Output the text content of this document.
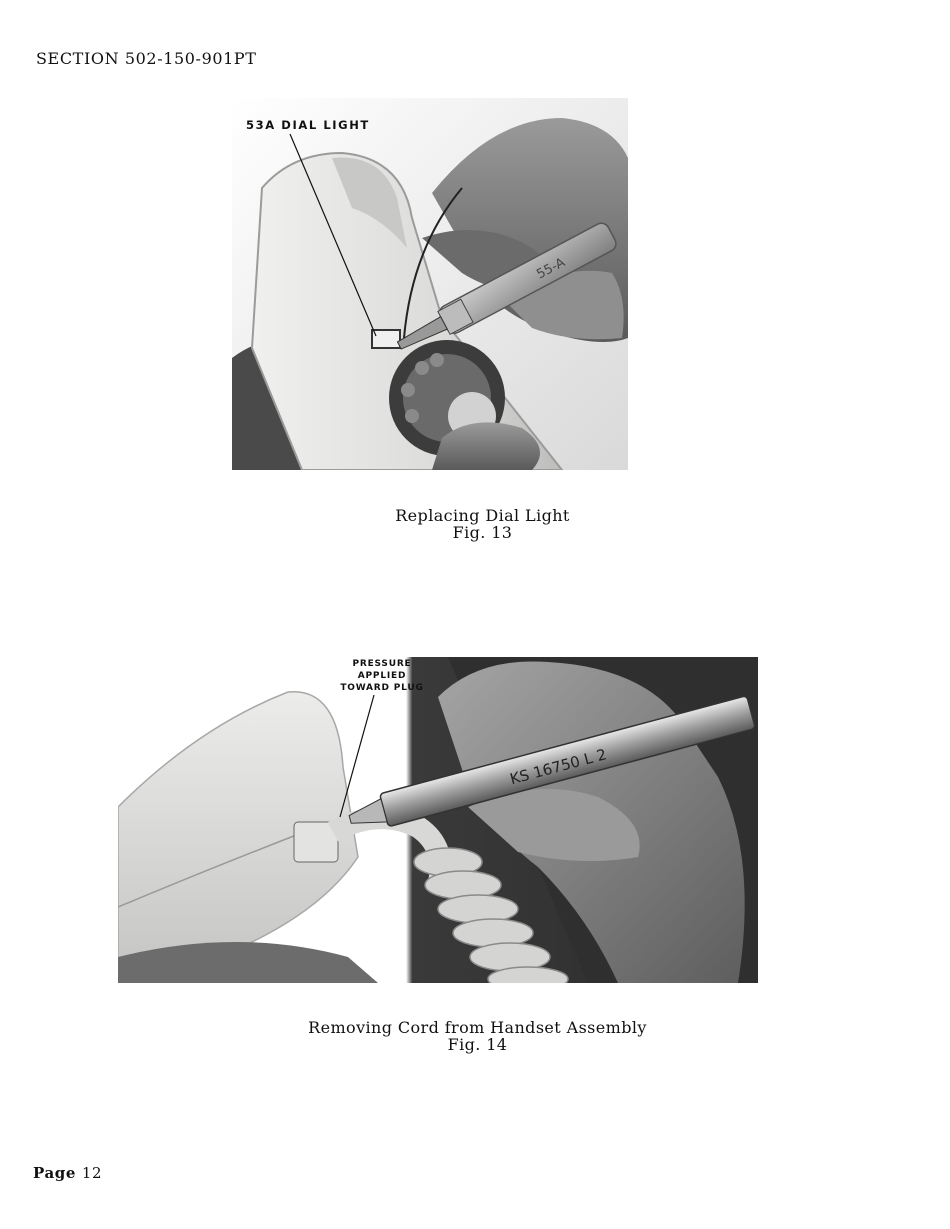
SECTION 502-150-901PT
55-A
53A DIAL LIGHT
Replacing Dial Light
Fig. 13
KS 16750 L 2
PRESSURE
APPLIED
TOWARD PLUG
Removing Cord from Handset Assembly
Fig. 14
Page 12
